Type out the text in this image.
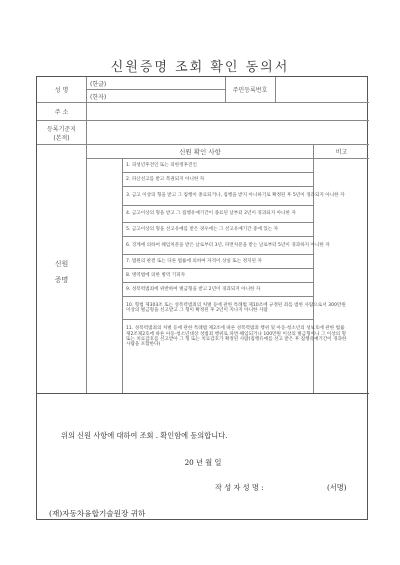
신원증명 조회 확인 동의서
성 명
(한글)
(한자)
주민등록번호
주 소
등록기준지
(본적)
신원
증명
신원 확인 사항	비고
1. 피성년후견인 또는 피한정후견인
2. 파산선고를 받고 복권되지 아니한 자
3. 금고 이상의 형을 받고 그 집행이 종료되거나, 집행을 받지 아니하기로 확정된 후 5년이 경과되지 아니한 자
4. 금고이상의 형을 받고 그 집행유예기간이 종료된 날부터 2년이 경과되지 아니한 자
5. 금고이상의 형을 선고유예를 받은 경우에는 그 선고유예기간 중에 있는 자
6. 징계에 의하여 해임처분을 받은 날로부터 3년, 파면처분을 받는 날로부터 5년이 경과하지 아니한 자
7. 법원의 판결 또는 다른 법률에 의하여 자격이 상실 또는 정지된 자
8. 병역법에 의한 병역 기피자
9. 성폭력범죄에 위반하여 벌금형을 받고 2년이 경과되지 아니한 자
10. 형법 제303조 또는 성폭력범죄의 처벌 등에 관한 특례법 제10조에 규정된 죄를 범한 사람으로서 300만원 이상의 벌금형을 선고받고 그 형이 확정된 후 2년이 지나지 아니한 사람
11. 성폭력범죄의 처벌 등에 관한 특례법 제2조에 따른 성폭력범죄 행위 및 아동·청소년의 성보호에 관한 법률 제2조제2호에 따른 아동·청소년대상 성범죄 행위로 파면·해임되거나 100만원 이상의 벌금형이나 그 이상의 형 또는 치료감호를 선고받아 그 형 또는 치료감호가 확정된 사람(집행유예를 선고 받은 후 집행유예기간이 경과한 사람을 포함한다)
위의 신원 사항에 대하여 조회 . 확인함에 동의합니다.
20 년 월 일
작 성 자 성 명 :	(서명)
(재)자동차융합기술원장 귀하
